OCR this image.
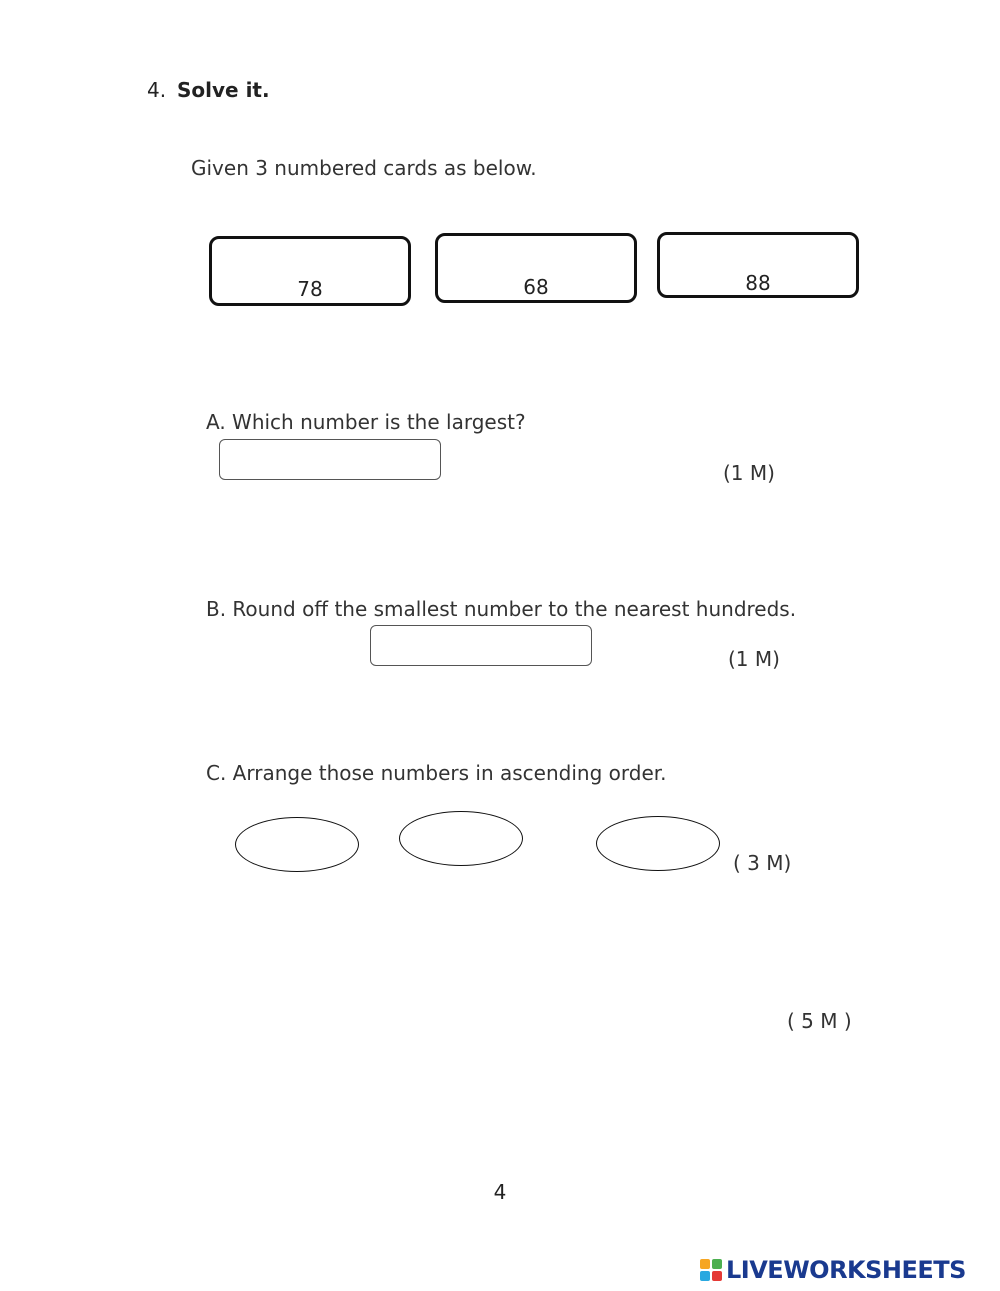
4. Solve it.
Given 3 numbered cards as below.
78	68	88
A. Which number is the largest?
(1 M)
B. Round off the smallest number to the nearest hundreds.
(1 M)
C. Arrange those numbers in ascending order.
( 3 M)
( 5 M )
4
LIVEWORKSHEETS
